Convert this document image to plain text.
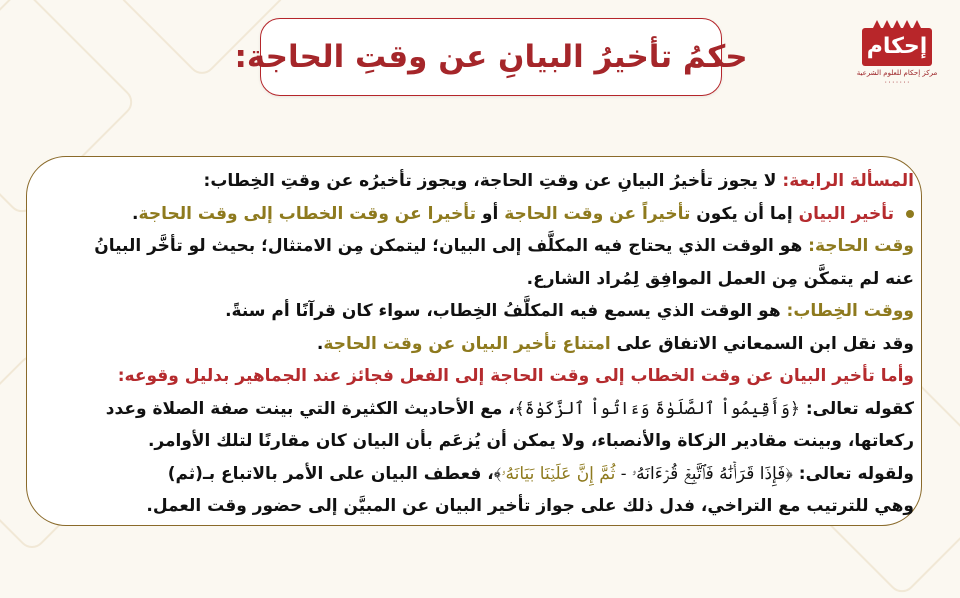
حكمُ تأخيرُ البيانِ عن وقتِ الحاجة:	إحكام
مركز إحكام للعلوم الشرعية
٠٠٠٠٠٠٠

المسألة الرابعة: لا يجوز تأخيرُ البيانِ عن وقتِ الحاجة، ويجوز تأخيرُه عن وقتِ الخِطاب:

تأخير البيان إما أن يكون تأخيراً عن وقت الحاجة أو تأخيرا عن وقت الخطاب إلى وقت الحاجة.

وقت الحاجة: هو الوقت الذي يحتاج فيه المكلَّف إلى البيان؛ ليتمكن مِن الامتثال؛ بحيث لو تأخَّر البيانُ

عنه لم يتمكَّن مِن العمل الموافِق لِمُراد الشارع.

ووقت الخِطاب: هو الوقت الذي يسمع فيه المكلَّفُ الخِطاب، سواء كان قرآنًا أم سنةً.

وقد نقل ابن السمعاني الاتفاق على امتناع تأخير البيان عن وقت الحاجة.

وأما تأخير البيان عن وقت الخطاب إلى وقت الحاجة إلى الفعل فجائز عند الجماهير بدليل وقوعه:

كقوله تعالى: ﴿وَأَقِيمُواْ ٱلصَّلَوٰةَ وَءَاتُواْ ٱلزَّكَوٰةَ﴾، مع الأحاديث الكثيرة التي بينت صفة الصلاة وعدد

ركعاتها، وبينت مقادير الزكاة والأنصباء، ولا يمكن أن يُزعَم بأن البيان كان مقارنًا لتلك الأوامر.

ولقوله تعالى: ﴿فَإِذَا قَرَأۡنَٰهُ فَٱتَّبِعۡ قُرۡءَانَهُۥ - ثُمَّ إِنَّ عَلَيۡنَا بَيَانَهُۥ﴾، فعطف البيان على الأمر بالاتباع بـ(ثم)

وهي للترتيب مع التراخي، فدل ذلك على جواز تأخير البيان عن المبيَّن إلى حضور وقت العمل.
